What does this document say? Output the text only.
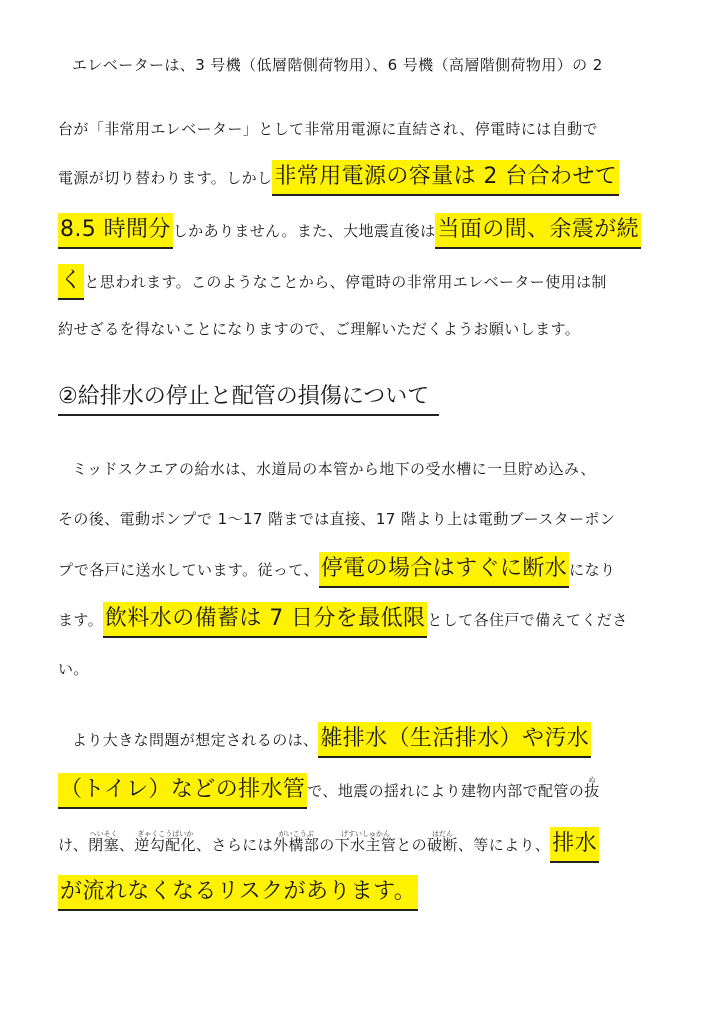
エレベーターは、3 号機（低層階側荷物用）、6 号機（高層階側荷物用）の 2
台が「非常用エレベーター」として非常用電源に直結され、停電時には自動で
電源が切り替わります。しかし非常用電源の容量は 2 台合わせて
8.5 時間分 しかありません。また、大地震直後は当面の間、余震が続
く と思われます。このようなことから、停電時の非常用エレベーター使用は制
約せざるを得ないことになりますので、ご理解いただくようお願いします。
②給排水の停止と配管の損傷について
ミッドスクエアの給水は、水道局の本管から地下の受水槽に一旦貯め込み、
その後、電動ポンプで 1〜17 階までは直接、17 階より上は電動ブースターポン
プで各戸に送水しています。従って、停電の場合はすぐに断水 になり
ます。飲料水の備蓄は 7 日分を最低限 として各住戸で備えてくださ
い。
より大きな問題が想定されるのは、雑排水（生活排水）や汚水
（トイレ）などの排水管 で、地震の揺れにより建物内部で配管の
ぬ
抜
け、
へいそく
閉塞、
ぎゃくこうばいか
逆勾配化、さらには
がいこうぶ
外構部の
げすいしゅかん
下水主管との
はだん
破断、等により、排水
が流れなくなるリスクがあります。
